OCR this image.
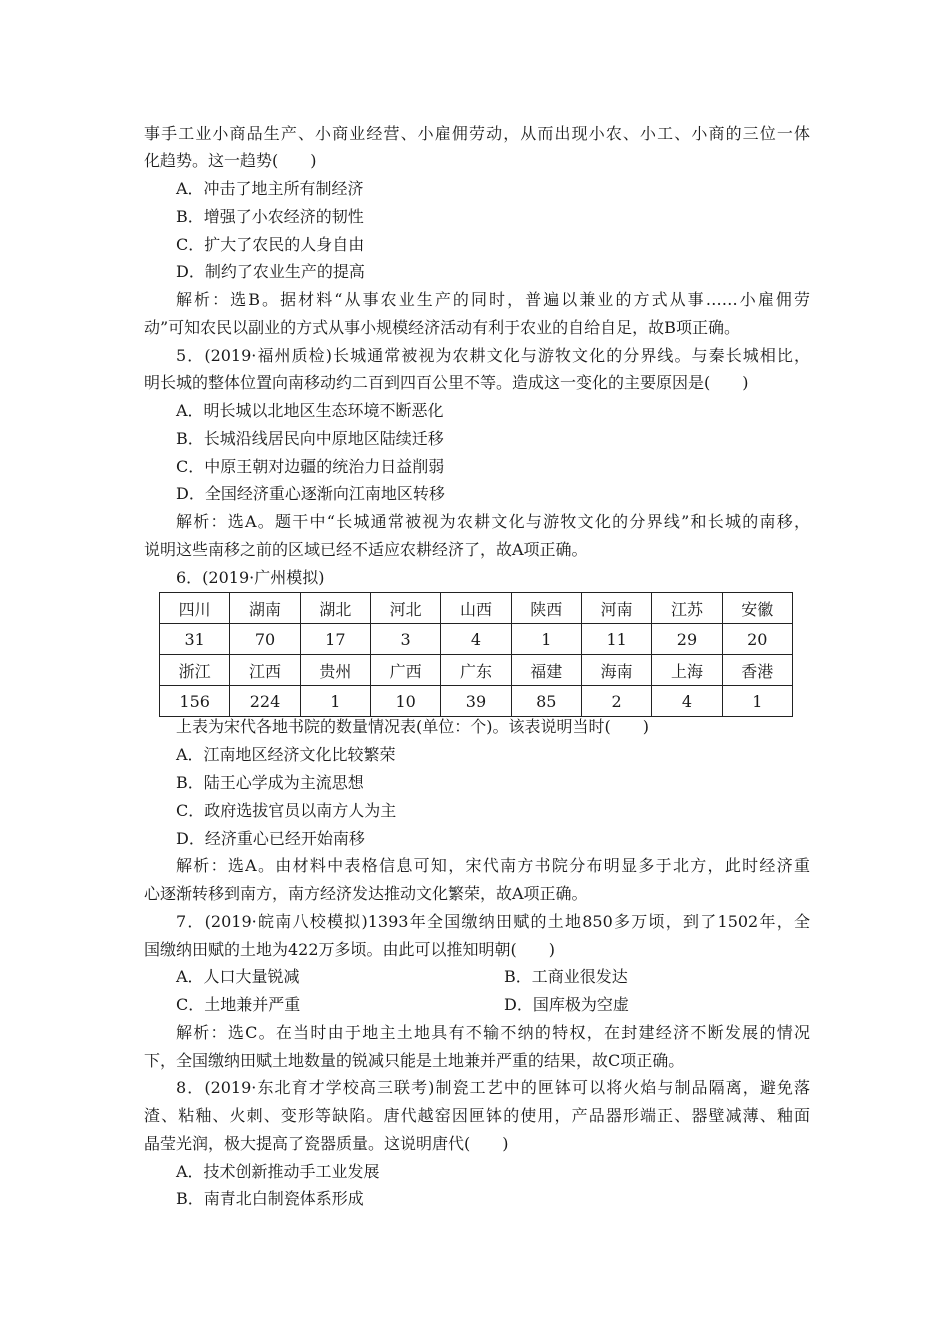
事手工业小商品生产、小商业经营、小雇佣劳动，从而出现小农、小工、小商的三位一体
化趋势。这一趋势(　　)
A．冲击了地主所有制经济
B．增强了小农经济的韧性
C．扩大了农民的人身自由
D．制约了农业生产的提高
解析：选B。据材料“从事农业生产的同时，普遍以兼业的方式从事……小雇佣劳
动”可知农民以副业的方式从事小规模经济活动有利于农业的自给自足，故B项正确。
5．(2019·福州质检)长城通常被视为农耕文化与游牧文化的分界线。与秦长城相比，
明长城的整体位置向南移动约二百到四百公里不等。造成这一变化的主要原因是(　　)
A．明长城以北地区生态环境不断恶化
B．长城沿线居民向中原地区陆续迁移
C．中原王朝对边疆的统治力日益削弱
D．全国经济重心逐渐向江南地区转移
解析：选A。题干中“长城通常被视为农耕文化与游牧文化的分界线”和长城的南移，
说明这些南移之前的区域已经不适应农耕经济了，故A项正确。
6．(2019·广州模拟)
四川	湖南	湖北	河北	山西	陕西	河南	江苏	安徽
31	70	17	3	4	1	11	29	20
浙江	江西	贵州	广西	广东	福建	海南	上海	香港
156	224	1	10	39	85	2	4	1
上表为宋代各地书院的数量情况表(单位：个)。该表说明当时(　　)
A．江南地区经济文化比较繁荣
B．陆王心学成为主流思想
C．政府选拔官员以南方人为主
D．经济重心已经开始南移
解析：选A。由材料中表格信息可知，宋代南方书院分布明显多于北方，此时经济重
心逐渐转移到南方，南方经济发达推动文化繁荣，故A项正确。
7．(2019·皖南八校模拟)1393年全国缴纳田赋的土地850多万顷，到了1502年，全
国缴纳田赋的土地为422万多顷。由此可以推知明朝(　　)
A．人口大量锐减	B．工商业很发达
C．土地兼并严重	D．国库极为空虚
解析：选C。在当时由于地主土地具有不输不纳的特权，在封建经济不断发展的情况
下，全国缴纳田赋土地数量的锐减只能是土地兼并严重的结果，故C项正确。
8．(2019·东北育才学校高三联考)制瓷工艺中的匣钵可以将火焰与制品隔离，避免落
渣、粘釉、火刺、变形等缺陷。唐代越窑因匣钵的使用，产品器形端正、器壁减薄、釉面
晶莹光润，极大提高了瓷器质量。这说明唐代(　　)
A．技术创新推动手工业发展
B．南青北白制瓷体系形成
